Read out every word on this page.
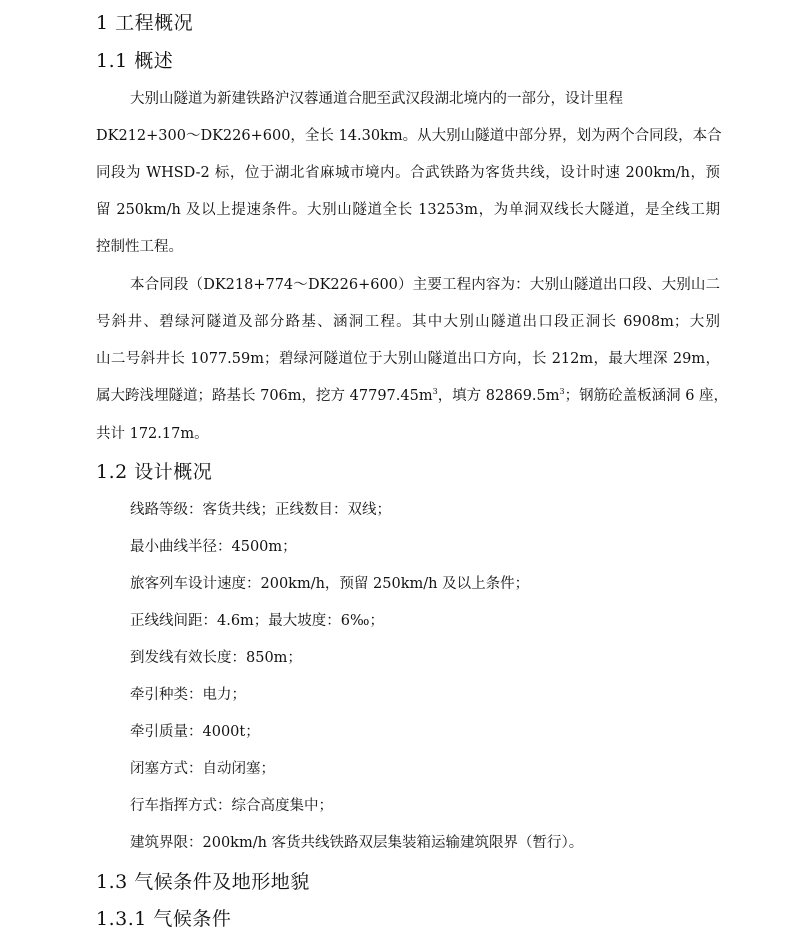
1 工程概况
1.1 概述
大别山隧道为新建铁路沪汉蓉通道合肥至武汉段湖北境内的一部分，设计里程
DK212+300～DK226+600，全长 14.30km。从大别山隧道中部分界，划为两个合同段，本合
同段为 WHSD-2 标，位于湖北省麻城市境内。合武铁路为客货共线，设计时速 200km/h，预
留 250km/h 及以上提速条件。大别山隧道全长 13253m，为单洞双线长大隧道，是全线工期
控制性工程。
本合同段（DK218+774～DK226+600）主要工程内容为：大别山隧道出口段、大别山二
号斜井、碧绿河隧道及部分路基、涵洞工程。其中大别山隧道出口段正洞长 6908m；大别
山二号斜井长 1077.59m；碧绿河隧道位于大别山隧道出口方向，长 212m，最大埋深 29m，
属大跨浅埋隧道；路基长 706m，挖方 $47797.45m^3$，填方 $82869.5m^3$；钢筋砼盖板涵洞 6 座，
共计 172.17m。
1.2 设计概况
线路等级：客货共线；正线数目：双线；
最小曲线半径：4500m；
旅客列车设计速度：200km/h，预留 250km/h 及以上条件；
正线线间距：4.6m；最大坡度：6‰；
到发线有效长度：850m；
牵引种类：电力；
牵引质量：4000t；
闭塞方式：自动闭塞；
行车指挥方式：综合高度集中；
建筑界限：200km/h 客货共线铁路双层集装箱运输建筑限界（暂行）。
1.3 气候条件及地形地貌
1.3.1 气候条件
